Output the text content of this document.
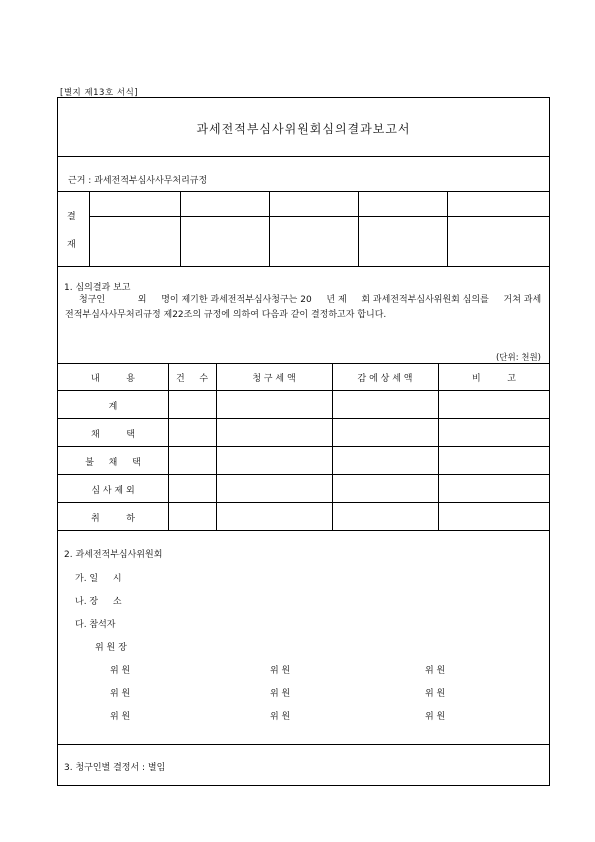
[별지 제13호 서식]
과세전적부심사위원회심의결과보고서
근거 : 과세전적부심사사무처리규정
결
재
1. 심의결과 보고
청구인 　　　 외 　 명이 제기한 과세전적부심사청구는 20 　 년 제 　 회 과세전적부심사위원회 심의를 　 거쳐 과세전적부심사사무처리규정 제22조의 규정에 의하여 다음과 같이 결정하고자 합니다.
(단위: 천원)
내 　 　 용	건 　 수	청 구 세 액	감 에 상 세 액	비 　 　 고
계
채 　 　 택
불 　 채 　 택
심 사 제 외
취 　 　 하
2. 과세전적부심사위원회
가. 일 　 시
나. 장 　 소
다. 참석자
위 원 장
위 원	위 원	위 원
위 원	위 원	위 원
위 원	위 원	위 원
3. 청구인별 결정서 : 별임
